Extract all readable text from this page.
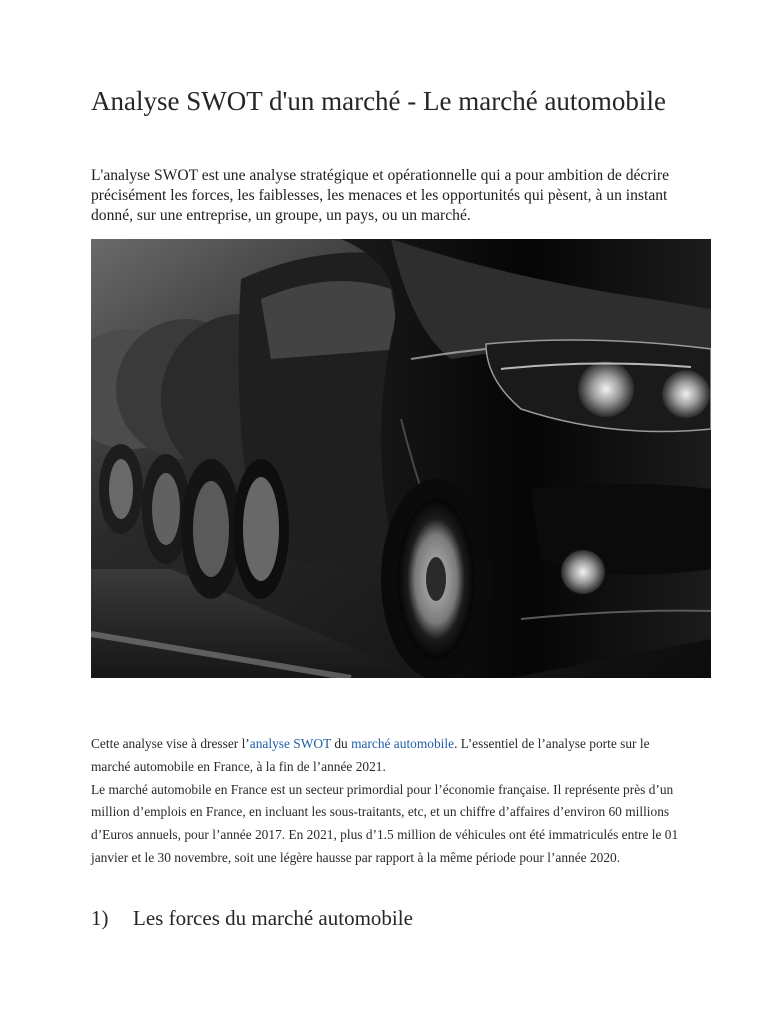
Analyse SWOT d'un marché - Le marché automobile

L'analyse SWOT est une analyse stratégique et opérationnelle qui a pour ambition de décrire précisément les forces, les faiblesses, les menaces et les opportunités qui pèsent, à un instant donné, sur une entreprise, un groupe, un pays, ou un marché.

Cette analyse vise à dresser l’analyse SWOT du marché automobile. L’essentiel de l’analyse porte sur le marché automobile en France, à la fin de l’année 2021.
Le marché automobile en France est un secteur primordial pour l’économie française. Il représente près d’un million d’emplois en France, en incluant les sous-traitants, etc, et un chiffre d’affaires d’environ 60 millions d’Euros annuels, pour l’année 2017. En 2021, plus d’1.5 million de véhicules ont été immatriculés entre le 01 janvier et le 30 novembre, soit une légère hausse par rapport à la même période pour l’année 2020.

1) Les forces du marché automobile
